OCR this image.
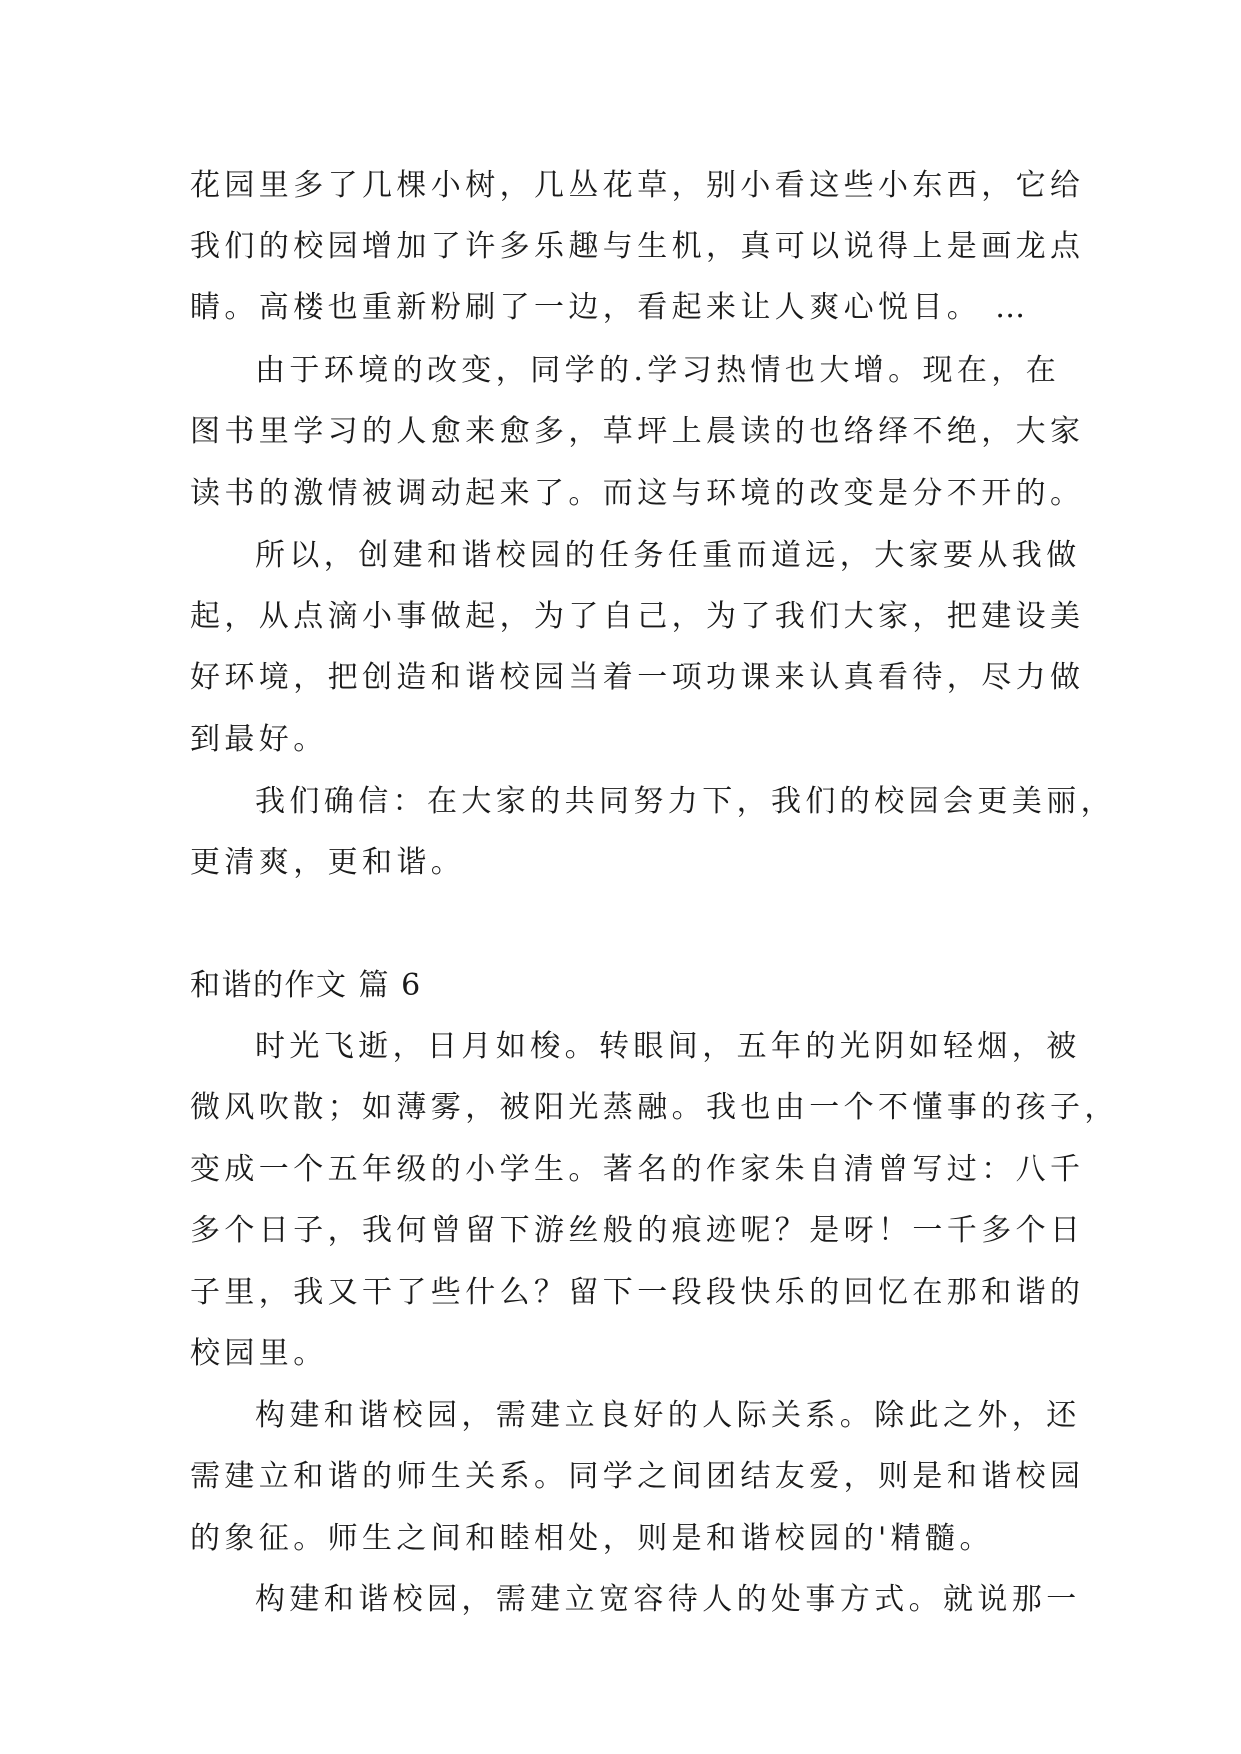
花园里多了几棵小树，几丛花草，别小看这些小东西，它给
我们的校园增加了许多乐趣与生机，真可以说得上是画龙点
睛。高楼也重新粉刷了一边，看起来让人爽心悦目。 …
由于环境的改变，同学的.学习热情也大增。现在，在
图书里学习的人愈来愈多，草坪上晨读的也络绎不绝，大家
读书的激情被调动起来了。而这与环境的改变是分不开的。
所以，创建和谐校园的任务任重而道远，大家要从我做
起，从点滴小事做起，为了自己，为了我们大家，把建设美
好环境，把创造和谐校园当着一项功课来认真看待，尽力做
到最好。
我们确信：在大家的共同努力下，我们的校园会更美丽，
更清爽，更和谐。
和谐的作文 篇 6
时光飞逝，日月如梭。转眼间，五年的光阴如轻烟，被
微风吹散；如薄雾，被阳光蒸融。我也由一个不懂事的孩子，
变成一个五年级的小学生。著名的作家朱自清曾写过：八千
多个日子，我何曾留下游丝般的痕迹呢？是呀！一千多个日
子里，我又干了些什么？留下一段段快乐的回忆在那和谐的
校园里。
构建和谐校园，需建立良好的人际关系。除此之外，还
需建立和谐的师生关系。同学之间团结友爱，则是和谐校园
的象征。师生之间和睦相处，则是和谐校园的'精髓。
构建和谐校园，需建立宽容待人的处事方式。就说那一
